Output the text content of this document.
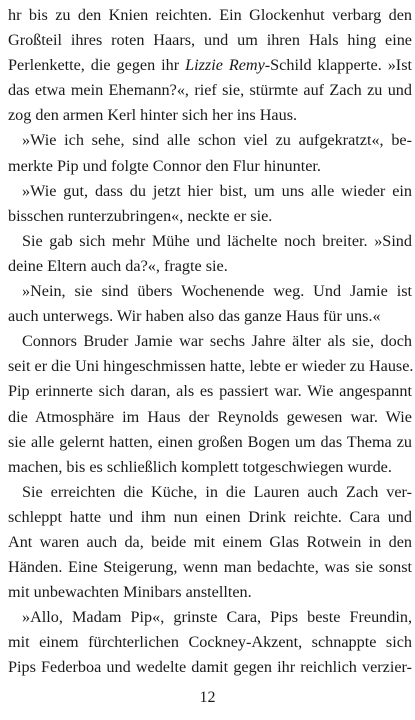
hr bis zu den Knien reichten. Ein Glockenhut verbarg den
Großteil ihres roten Haars, und um ihren Hals hing eine
Perlenkette, die gegen ihr Lizzie Remy-Schild klapperte. »Ist
das etwa mein Ehemann?«, rief sie, stürmte auf Zach zu und
zog den armen Kerl hinter sich her ins Haus.
»Wie ich sehe, sind alle schon viel zu aufgekratzt«, be-
merkte Pip und folgte Connor den Flur hinunter.
»Wie gut, dass du jetzt hier bist, um uns alle wieder ein
bisschen runterzubringen«, neckte er sie.
Sie gab sich mehr Mühe und lächelte noch breiter. »Sind
deine Eltern auch da?«, fragte sie.
»Nein, sie sind übers Wochenende weg. Und Jamie ist
auch unterwegs. Wir haben also das ganze Haus für uns.«
Connors Bruder Jamie war sechs Jahre älter als sie, doch
seit er die Uni hingeschmissen hatte, lebte er wieder zu Hause.
Pip erinnerte sich daran, als es passiert war. Wie angespannt
die Atmosphäre im Haus der Reynolds gewesen war. Wie
sie alle gelernt hatten, einen großen Bogen um das Thema zu
machen, bis es schließlich komplett totgeschwiegen wurde.
Sie erreichten die Küche, in die Lauren auch Zach ver-
schleppt hatte und ihm nun einen Drink reichte. Cara und
Ant waren auch da, beide mit einem Glas Rotwein in den
Händen. Eine Steigerung, wenn man bedachte, was sie sonst
mit unbewachten Minibars anstellten.
»Allo, Madam Pip«, grinste Cara, Pips beste Freundin,
mit einem fürchterlichen Cockney-Akzent, schnappte sich
Pips Federboa und wedelte damit gegen ihr reichlich verzier-
12
